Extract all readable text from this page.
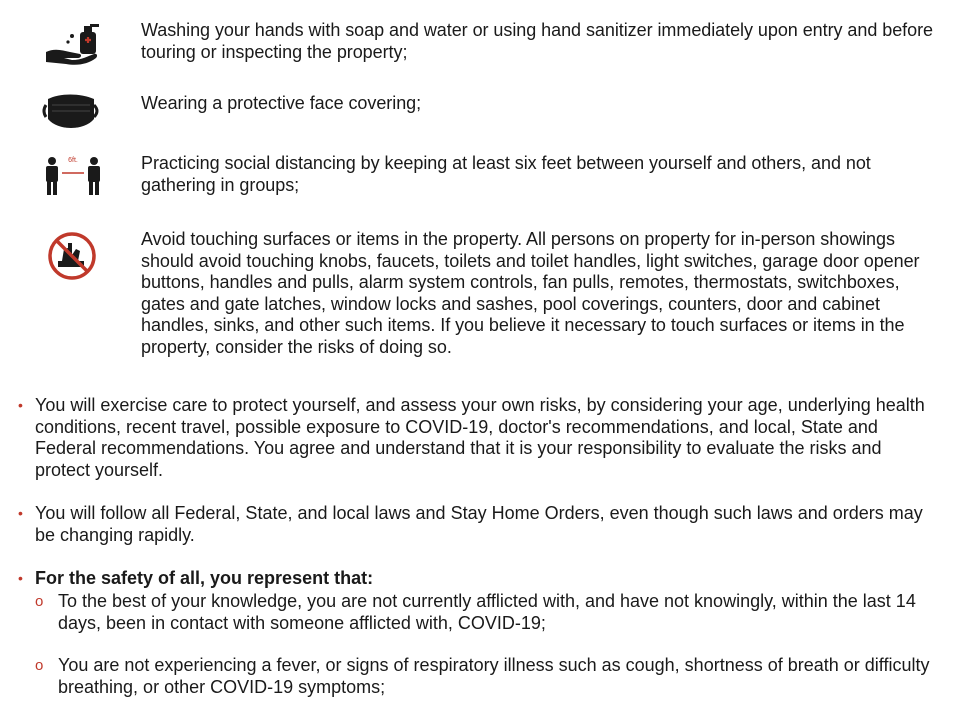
Washing your hands with soap and water or using hand sanitizer immediately upon entry and before touring or inspecting the property;
Wearing a protective face covering;
6ft.	Practicing social distancing by keeping at least six feet between yourself and others, and not gathering in groups;
Avoid touching surfaces or items in the property. All persons on property for in-person showings should avoid touching knobs, faucets, toilets and toilet handles, light switches, garage door opener buttons, handles and pulls, alarm system controls, fan pulls, remotes, thermostats, switchboxes, gates and gate latches, window locks and sashes, pool coverings, counters, door and cabinet handles, sinks, and other such items. If you believe it necessary to touch surfaces or items in the property, consider the risks of doing so.
• You will exercise care to protect yourself, and assess your own risks, by considering your age, underlying health conditions, recent travel, possible exposure to COVID-19, doctor's recommendations, and local, State and Federal recommendations. You agree and understand that it is your responsibility to evaluate the risks and protect yourself.
• You will follow all Federal, State, and local laws and Stay Home Orders, even though such laws and orders may be changing rapidly.
• For the safety of all, you represent that:
o To the best of your knowledge, you are not currently afflicted with, and have not knowingly, within the last 14 days, been in contact with someone afflicted with, COVID-19;
o You are not experiencing a fever, or signs of respiratory illness such as cough, shortness of breath or difficulty breathing, or other COVID-19 symptoms;
